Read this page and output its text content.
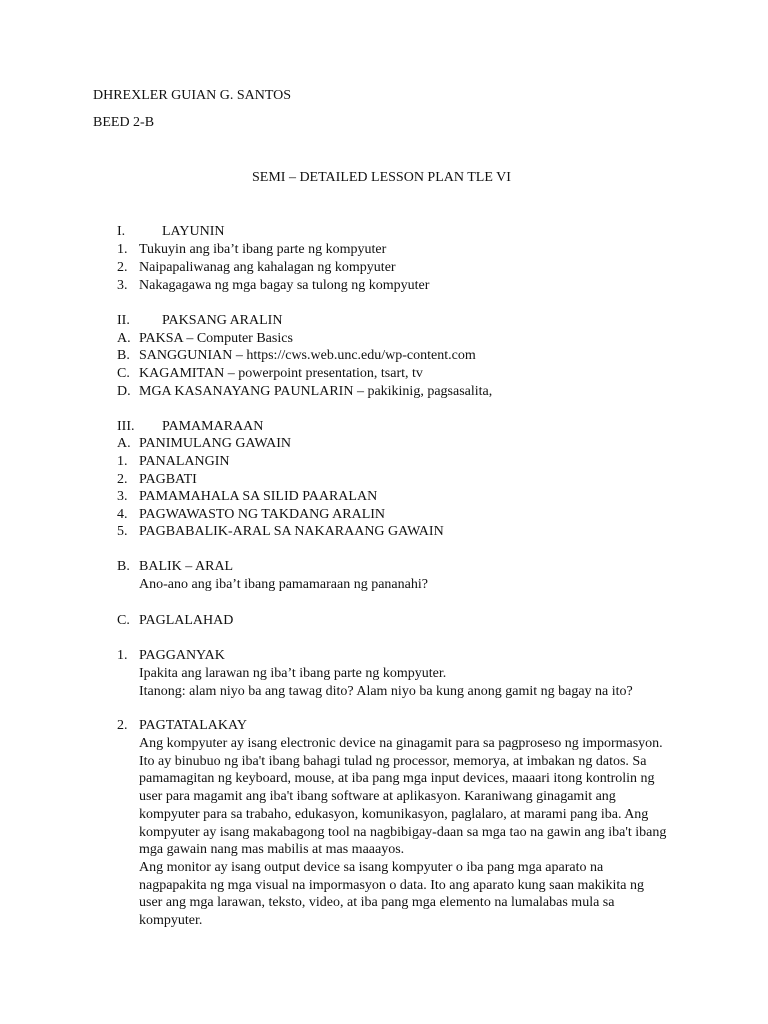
DHREXLER GUIAN G. SANTOS
BEED 2-B
SEMI – DETAILED LESSON PLAN TLE VI
I.	LAYUNIN
1. Tukuyin ang iba’t ibang parte ng kompyuter
2. Naipapaliwanag ang kahalagan ng kompyuter
3. Nakagagawa ng mga bagay sa tulong ng kompyuter
II. PAKSANG ARALIN
A. PAKSA – Computer Basics
B. SANGGUNIAN – https://cws.web.unc.edu/wp-content.com
C. KAGAMITAN – powerpoint presentation, tsart, tv
D. MGA KASANAYANG PAUNLARIN – pakikinig, pagsasalita,
III. PAMAMARAAN
A. PANIMULANG GAWAIN
1. PANALANGIN
2. PAGBATI
3. PAMAMAHALA SA SILID PAARALAN
4. PAGWAWASTO NG TAKDANG ARALIN
5. PAGBABALIK-ARAL SA NAKARAANG GAWAIN
B. BALIK – ARAL
Ano-ano ang iba’t ibang pamamaraan ng pananahi?
C. PAGLALAHAD
1. PAGGANYAK
Ipakita ang larawan ng iba’t ibang parte ng kompyuter.
Itanong: alam niyo ba ang tawag dito? Alam niyo ba kung anong gamit ng bagay na ito?
2. PAGTATALAKAY
Ang kompyuter ay isang electronic device na ginagamit para sa pagproseso ng impormasyon.
Ito ay binubuo ng iba't ibang bahagi tulad ng processor, memorya, at imbakan ng datos. Sa
pamamagitan ng keyboard, mouse, at iba pang mga input devices, maaari itong kontrolin ng
user para magamit ang iba't ibang software at aplikasyon. Karaniwang ginagamit ang
kompyuter para sa trabaho, edukasyon, komunikasyon, paglalaro, at marami pang iba. Ang
kompyuter ay isang makabagong tool na nagbibigay-daan sa mga tao na gawin ang iba't ibang
mga gawain nang mas mabilis at mas maaayos.
Ang monitor ay isang output device sa isang kompyuter o iba pang mga aparato na
nagpapakita ng mga visual na impormasyon o data. Ito ang aparato kung saan makikita ng
user ang mga larawan, teksto, video, at iba pang mga elemento na lumalabas mula sa
kompyuter.
